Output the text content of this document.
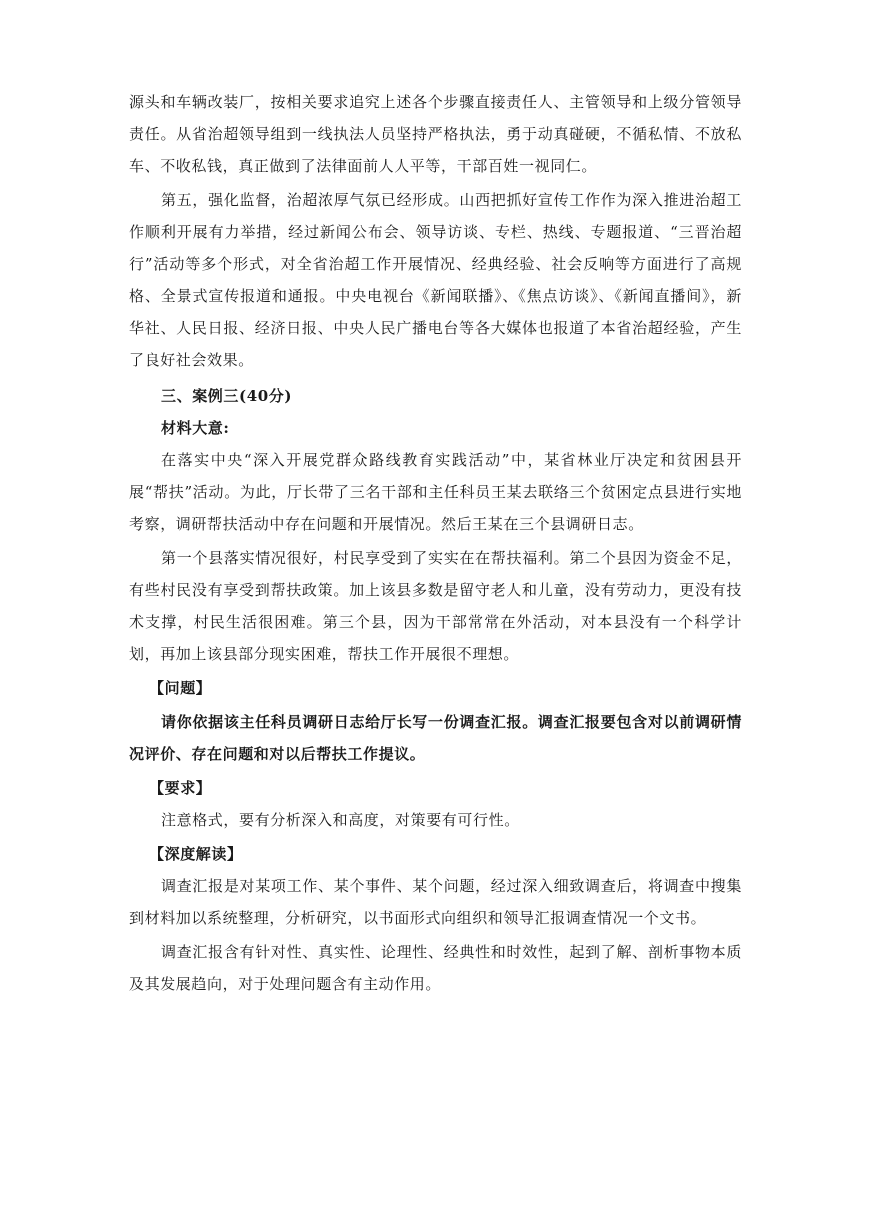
源头和车辆改装厂，按相关要求追究上述各个步骤直接责任人、主管领导和上级分管领导责任。从省治超领导组到一线执法人员坚持严格执法，勇于动真碰硬，不循私情、不放私车、不收私钱，真正做到了法律面前人人平等，干部百姓一视同仁。

第五，强化监督，治超浓厚气氛已经形成。山西把抓好宣传工作作为深入推进治超工作顺利开展有力举措，经过新闻公布会、领导访谈、专栏、热线、专题报道、“三晋治超行”活动等多个形式，对全省治超工作开展情况、经典经验、社会反响等方面进行了高规格、全景式宣传报道和通报。中央电视台《新闻联播》、《焦点访谈》、《新闻直播间》，新华社、人民日报、经济日报、中央人民广播电台等各大媒体也报道了本省治超经验，产生了良好社会效果。

三、案例三(40分)

材料大意:

在落实中央“深入开展党群众路线教育实践活动”中，某省林业厅决定和贫困县开展“帮扶”活动。为此，厅长带了三名干部和主任科员王某去联络三个贫困定点县进行实地考察，调研帮扶活动中存在问题和开展情况。然后王某在三个县调研日志。

第一个县落实情况很好，村民享受到了实实在在帮扶福利。第二个县因为资金不足，有些村民没有享受到帮扶政策。加上该县多数是留守老人和儿童，没有劳动力，更没有技术支撑，村民生活很困难。第三个县，因为干部常常在外活动，对本县没有一个科学计划，再加上该县部分现实困难，帮扶工作开展很不理想。

【问题】

请你依据该主任科员调研日志给厅长写一份调查汇报。调查汇报要包含对以前调研情况评价、存在问题和对以后帮扶工作提议。

【要求】

注意格式，要有分析深入和高度，对策要有可行性。

【深度解读】

调查汇报是对某项工作、某个事件、某个问题，经过深入细致调查后，将调查中搜集到材料加以系统整理，分析研究，以书面形式向组织和领导汇报调查情况一个文书。

调查汇报含有针对性、真实性、论理性、经典性和时效性，起到了解、剖析事物本质及其发展趋向，对于处理问题含有主动作用。
